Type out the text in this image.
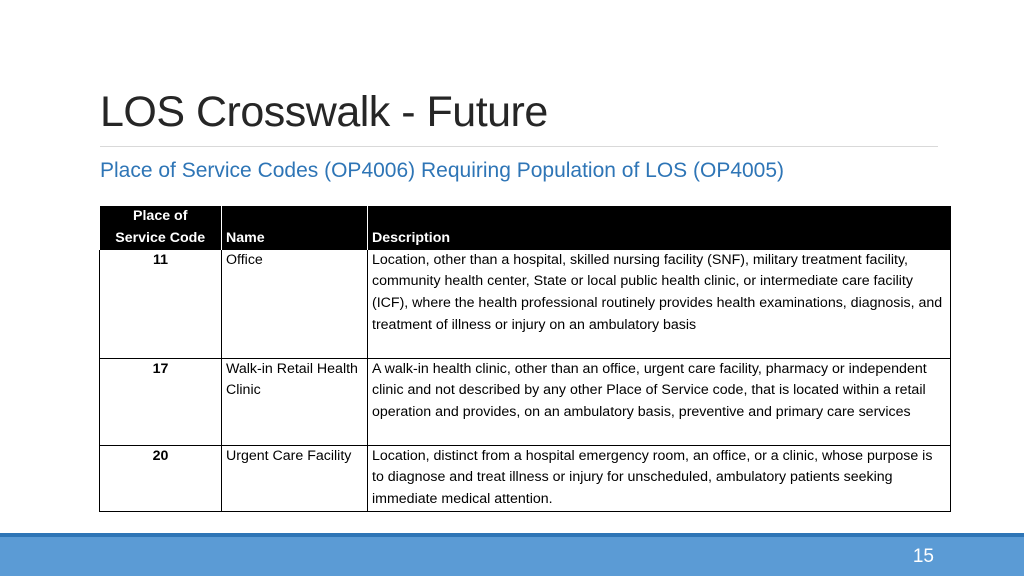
LOS Crosswalk - Future
Place of Service Codes (OP4006) Requiring Population of LOS (OP4005)
Place of
Service Code	Name	Description
11	Office	Location, other than a hospital, skilled nursing facility (SNF), military treatment facility, community health center, State or local public health clinic, or intermediate care facility (ICF), where the health professional routinely provides health examinations, diagnosis, and treatment of illness or injury on an ambulatory basis
17	Walk-in Retail Health Clinic	A walk-in health clinic, other than an office, urgent care facility, pharmacy or independent clinic and not described by any other Place of Service code, that is located within a retail operation and provides, on an ambulatory basis, preventive and primary care services
20	Urgent Care Facility	Location, distinct from a hospital emergency room, an office, or a clinic, whose purpose is to diagnose and treat illness or injury for unscheduled, ambulatory patients seeking immediate medical attention.
15
